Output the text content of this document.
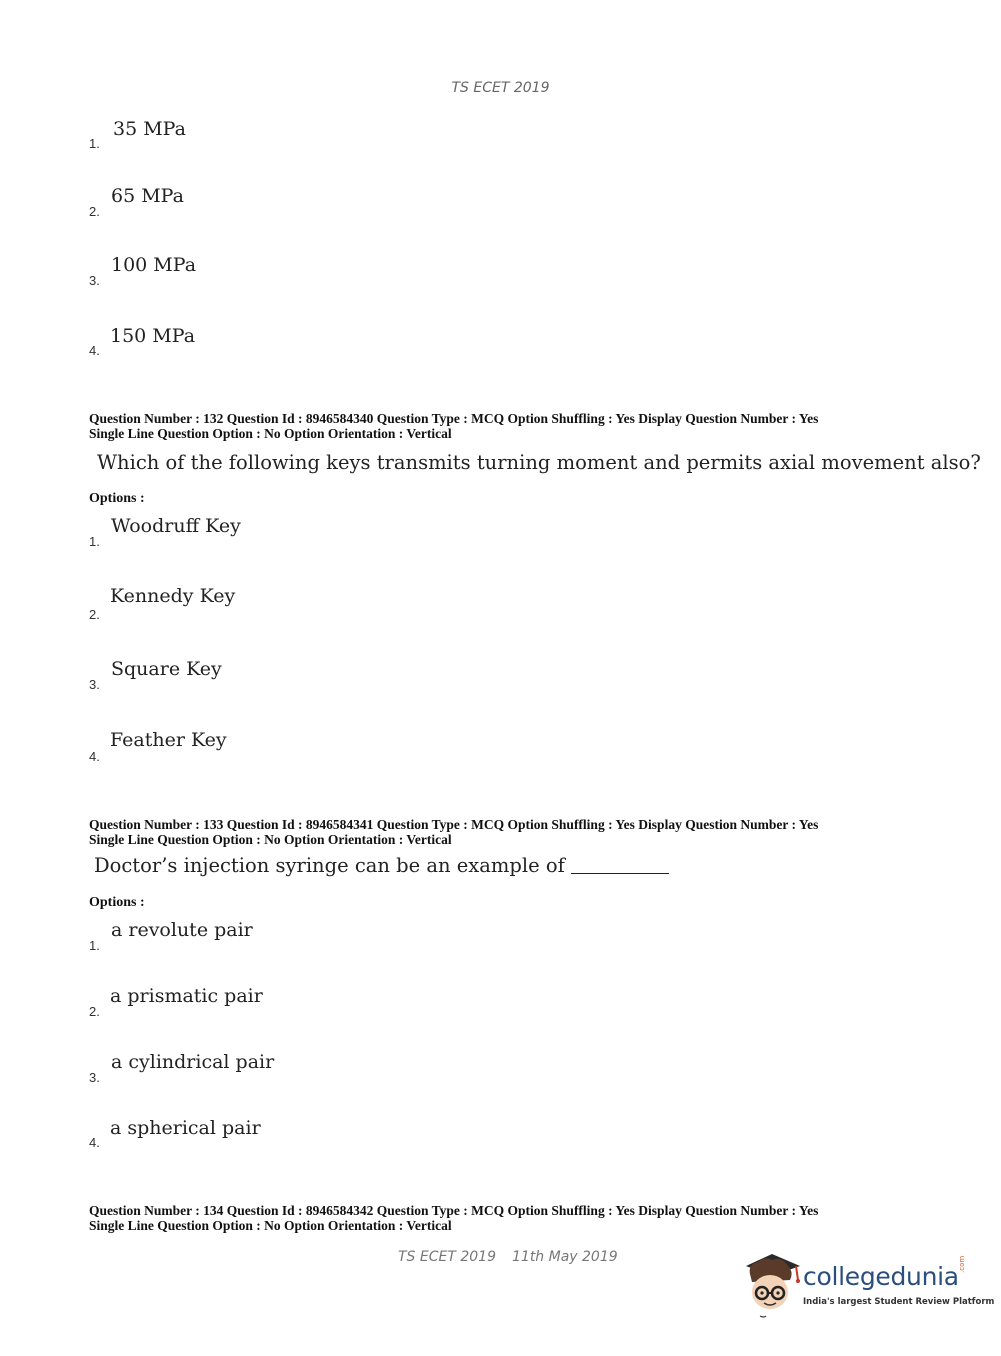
TS ECET 2019
1.
35 MPa
2.
65 MPa
3.
100 MPa
4.
150 MPa
Question Number : 132 Question Id : 8946584340 Question Type : MCQ Option Shuffling : Yes Display Question Number : Yes
Single Line Question Option : No Option Orientation : Vertical
Which of the following keys transmits turning moment and permits axial movement also?
Options :
1.
Woodruff Key
2.
Kennedy Key
3.
Square Key
4.
Feather Key
Question Number : 133 Question Id : 8946584341 Question Type : MCQ Option Shuffling : Yes Display Question Number : Yes
Single Line Question Option : No Option Orientation : Vertical
Doctor’s injection syringe can be an example of
Options :
1.
a revolute pair
2.
a prismatic pair
3.
a cylindrical pair
4.
a spherical pair
Question Number : 134 Question Id : 8946584342 Question Type : MCQ Option Shuffling : Yes Display Question Number : Yes
Single Line Question Option : No Option Orientation : Vertical
TS ECET 2019 11th May 2019
collegedunia .com
India's largest Student Review Platform
